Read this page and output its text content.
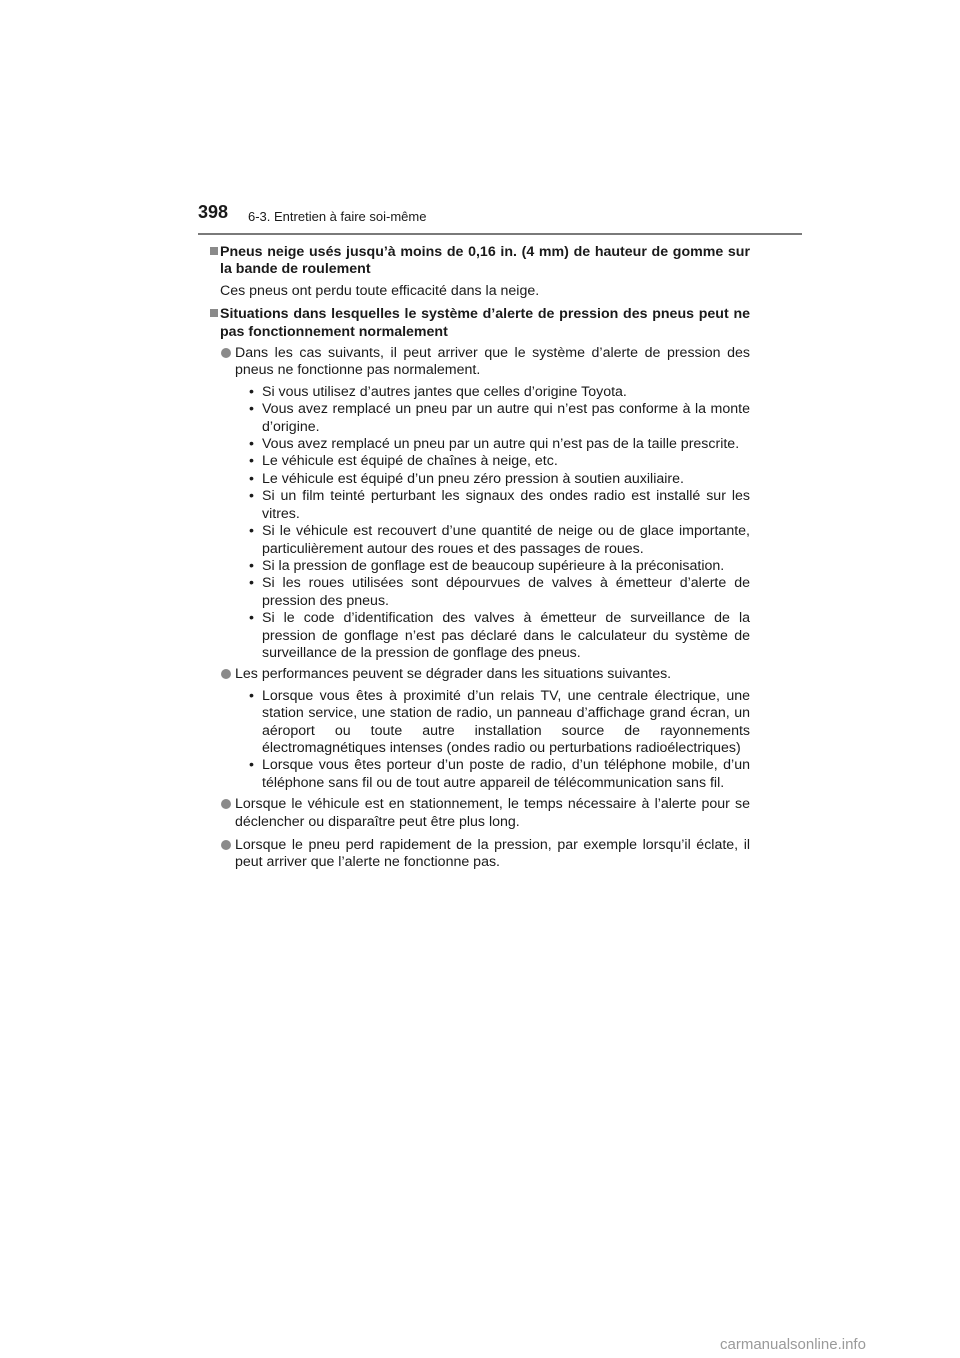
398 6-3. Entretien à faire soi-même
Pneus neige usés jusqu’à moins de 0,16 in. (4 mm) de hauteur de gomme sur la bande de roulement
Ces pneus ont perdu toute efficacité dans la neige.
Situations dans lesquelles le système d’alerte de pression des pneus peut ne pas fonctionnement normalement
Dans les cas suivants, il peut arriver que le système d’alerte de pression des pneus ne fonctionne pas normalement.
• Si vous utilisez d’autres jantes que celles d’origine Toyota.
• Vous avez remplacé un pneu par un autre qui n’est pas conforme à la monte d’origine.
• Vous avez remplacé un pneu par un autre qui n’est pas de la taille prescrite.
• Le véhicule est équipé de chaînes à neige, etc.
• Le véhicule est équipé d’un pneu zéro pression à soutien auxiliaire.
• Si un film teinté perturbant les signaux des ondes radio est installé sur les vitres.
• Si le véhicule est recouvert d’une quantité de neige ou de glace importante, particulièrement autour des roues et des passages de roues.
• Si la pression de gonflage est de beaucoup supérieure à la préconisation.
• Si les roues utilisées sont dépourvues de valves à émetteur d’alerte de pression des pneus.
• Si le code d’identification des valves à émetteur de surveillance de la pression de gonflage n’est pas déclaré dans le calculateur du système de surveillance de la pression de gonflage des pneus.
Les performances peuvent se dégrader dans les situations suivantes.
• Lorsque vous êtes à proximité d’un relais TV, une centrale électrique, une station service, une station de radio, un panneau d’affichage grand écran, un aéroport ou toute autre installation source de rayonnements électromagnétiques intenses (ondes radio ou perturbations radioélectriques)
• Lorsque vous êtes porteur d’un poste de radio, d’un téléphone mobile, d’un téléphone sans fil ou de tout autre appareil de télécommunication sans fil.
Lorsque le véhicule est en stationnement, le temps nécessaire à l’alerte pour se déclencher ou disparaître peut être plus long.
Lorsque le pneu perd rapidement de la pression, par exemple lorsqu’il éclate, il peut arriver que l’alerte ne fonctionne pas.
carmanualsonline.info
